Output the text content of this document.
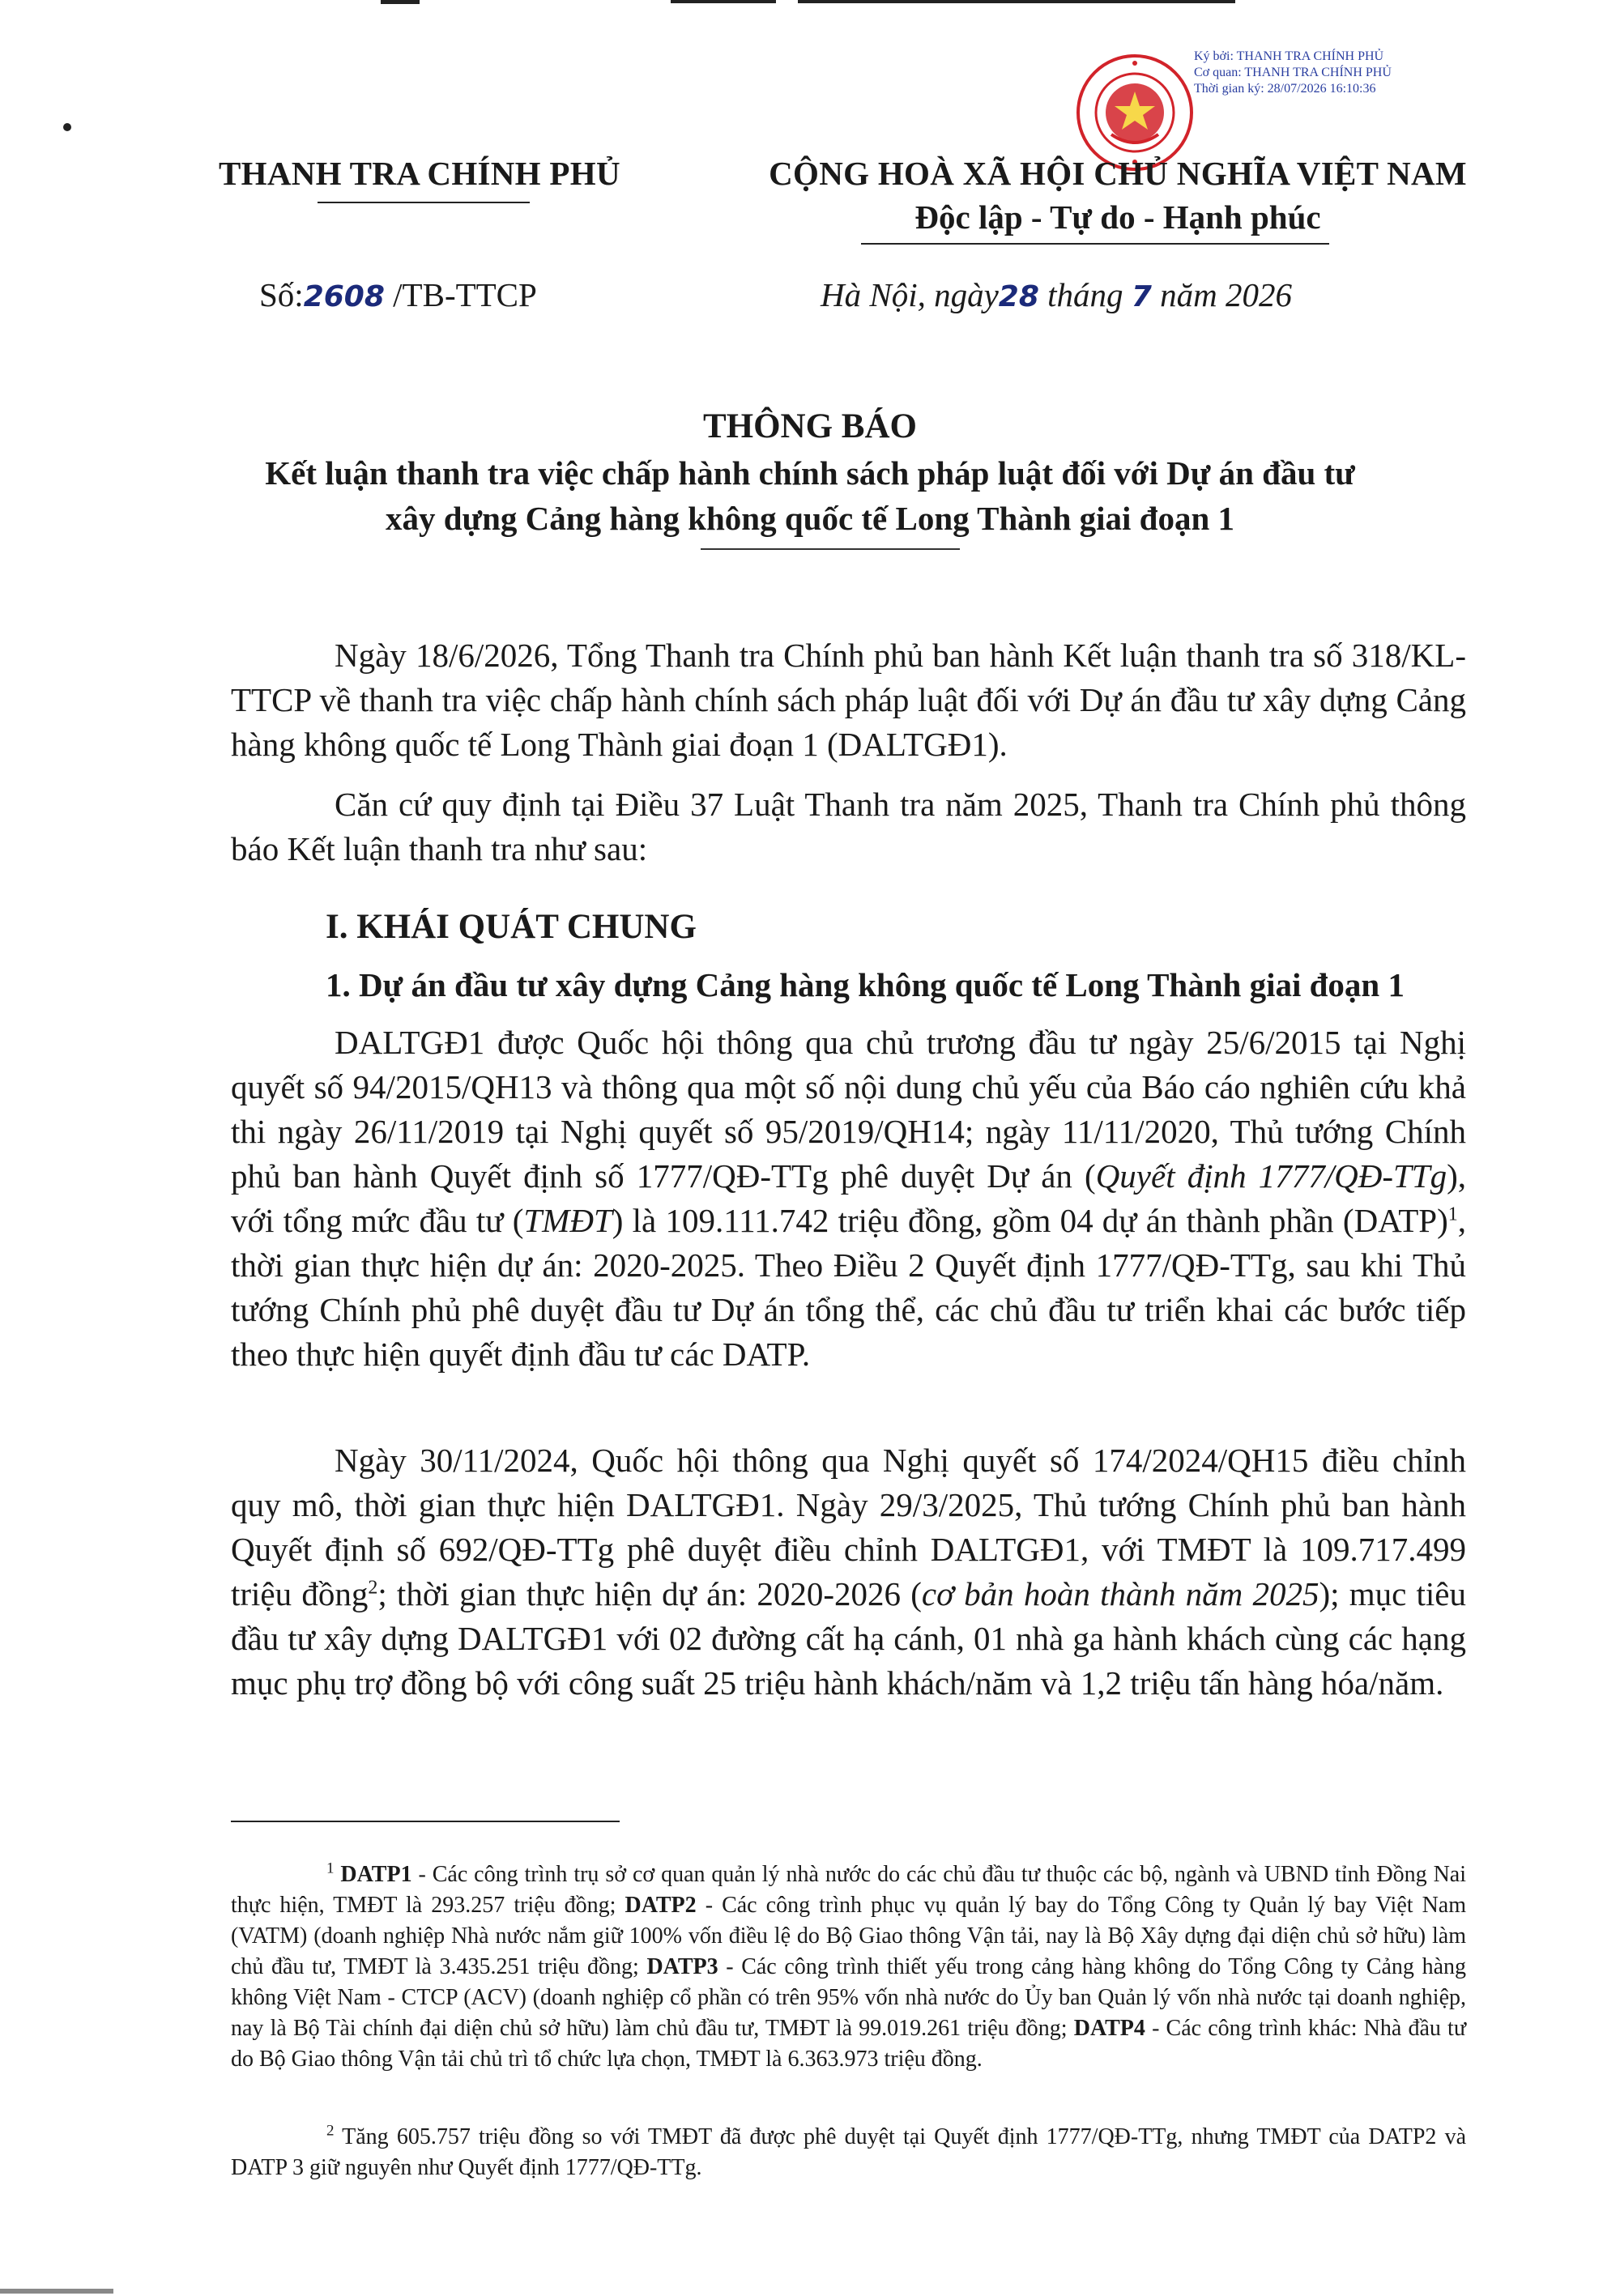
Ký bởi: THANH TRA CHÍNH PHỦ
Cơ quan: THANH TRA CHÍNH PHỦ
Thời gian ký: 28/07/2026 16:10:36
THANH TRA CHÍNH PHỦ	CỘNG HOÀ XÃ HỘI CHỦ NGHĨA VIỆT NAM
Độc lập - Tự do - Hạnh phúc
Số:2608 /TB-TTCP	Hà Nội, ngày28 tháng 7 năm 2026
THÔNG BÁO
Kết luận thanh tra việc chấp hành chính sách pháp luật đối với Dự án đầu tư
xây dựng Cảng hàng không quốc tế Long Thành giai đoạn 1

Ngày 18/6/2026, Tổng Thanh tra Chính phủ ban hành Kết luận thanh tra số 318/KL-TTCP về thanh tra việc chấp hành chính sách pháp luật đối với Dự án đầu tư xây dựng Cảng hàng không quốc tế Long Thành giai đoạn 1 (DALTGĐ1).

Căn cứ quy định tại Điều 37 Luật Thanh tra năm 2025, Thanh tra Chính phủ thông báo Kết luận thanh tra như sau:

I. KHÁI QUÁT CHUNG
1. Dự án đầu tư xây dựng Cảng hàng không quốc tế Long Thành giai đoạn 1

DALTGĐ1 được Quốc hội thông qua chủ trương đầu tư ngày 25/6/2015 tại Nghị quyết số 94/2015/QH13 và thông qua một số nội dung chủ yếu của Báo cáo nghiên cứu khả thi ngày 26/11/2019 tại Nghị quyết số 95/2019/QH14; ngày 11/11/2020, Thủ tướng Chính phủ ban hành Quyết định số 1777/QĐ-TTg phê duyệt Dự án (Quyết định 1777/QĐ-TTg), với tổng mức đầu tư (TMĐT) là 109.111.742 triệu đồng, gồm 04 dự án thành phần (DATP)$^1$, thời gian thực hiện dự án: 2020-2025. Theo Điều 2 Quyết định 1777/QĐ-TTg, sau khi Thủ tướng Chính phủ phê duyệt đầu tư Dự án tổng thể, các chủ đầu tư triển khai các bước tiếp theo thực hiện quyết định đầu tư các DATP.

Ngày 30/11/2024, Quốc hội thông qua Nghị quyết số 174/2024/QH15 điều chỉnh quy mô, thời gian thực hiện DALTGĐ1. Ngày 29/3/2025, Thủ tướng Chính phủ ban hành Quyết định số 692/QĐ-TTg phê duyệt điều chỉnh DALTGĐ1, với TMĐT là 109.717.499 triệu đồng$^2$; thời gian thực hiện dự án: 2020-2026 (cơ bản hoàn thành năm 2025); mục tiêu đầu tư xây dựng DALTGĐ1 với 02 đường cất hạ cánh, 01 nhà ga hành khách cùng các hạng mục phụ trợ đồng bộ với công suất 25 triệu hành khách/năm và 1,2 triệu tấn hàng hóa/năm.

$^1$ DATP1 - Các công trình trụ sở cơ quan quản lý nhà nước do các chủ đầu tư thuộc các bộ, ngành và UBND tỉnh Đồng Nai thực hiện, TMĐT là 293.257 triệu đồng; DATP2 - Các công trình phục vụ quản lý bay do Tổng Công ty Quản lý bay Việt Nam (VATM) (doanh nghiệp Nhà nước nắm giữ 100% vốn điều lệ do Bộ Giao thông Vận tải, nay là Bộ Xây dựng đại diện chủ sở hữu) làm chủ đầu tư, TMĐT là 3.435.251 triệu đồng; DATP3 - Các công trình thiết yếu trong cảng hàng không do Tổng Công ty Cảng hàng không Việt Nam - CTCP (ACV) (doanh nghiệp cổ phần có trên 95% vốn nhà nước do Ủy ban Quản lý vốn nhà nước tại doanh nghiệp, nay là Bộ Tài chính đại diện chủ sở hữu) làm chủ đầu tư, TMĐT là 99.019.261 triệu đồng; DATP4 - Các công trình khác: Nhà đầu tư do Bộ Giao thông Vận tải chủ trì tổ chức lựa chọn, TMĐT là 6.363.973 triệu đồng.

$^2$ Tăng 605.757 triệu đồng so với TMĐT đã được phê duyệt tại Quyết định 1777/QĐ-TTg, nhưng TMĐT của DATP2 và DATP 3 giữ nguyên như Quyết định 1777/QĐ-TTg.
